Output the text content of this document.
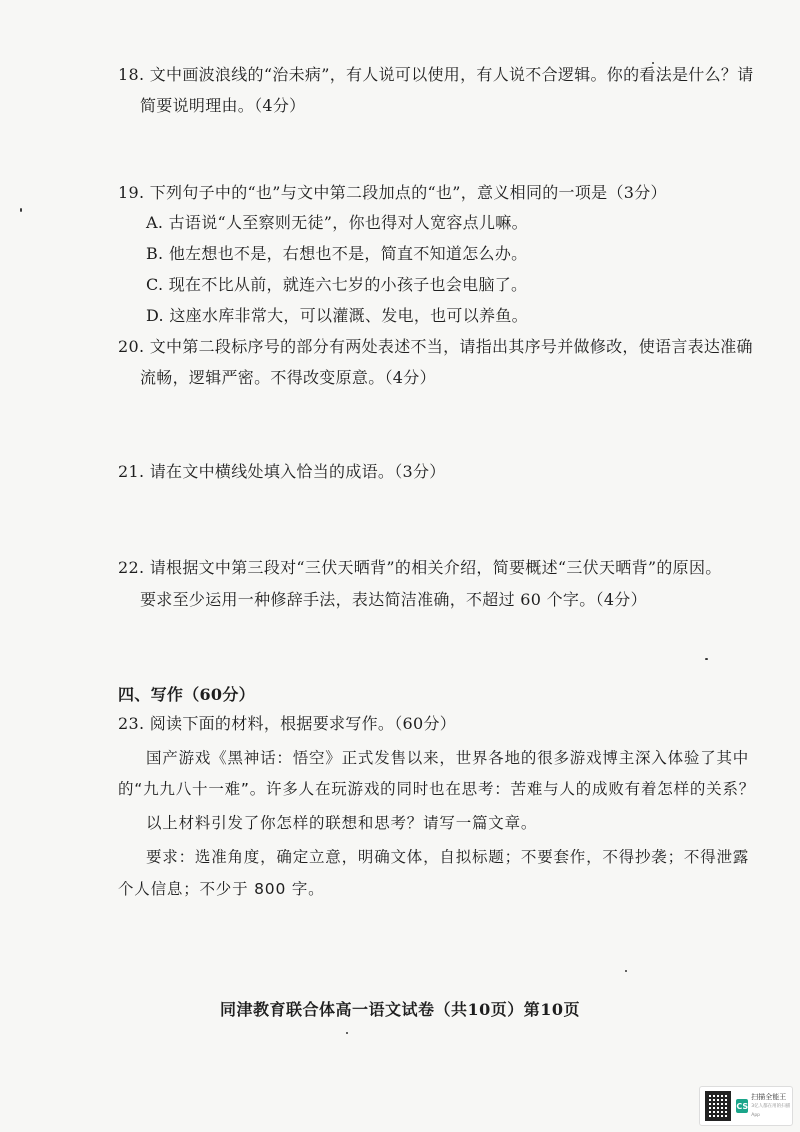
18. 文中画波浪线的“治未病”，有人说可以使用，有人说不合逻辑。你的看法是什么？请
简要说明理由。（4分）
19. 下列句子中的“也”与文中第二段加点的“也”，意义相同的一项是（3分）
A. 古语说“人至察则无徒”，你也得对人宽容点儿嘛。
B. 他左想也不是，右想也不是，简直不知道怎么办。
C. 现在不比从前，就连六七岁的小孩子也会电脑了。
D. 这座水库非常大，可以灌溉、发电，也可以养鱼。
20. 文中第二段标序号的部分有两处表述不当，请指出其序号并做修改，使语言表达准确
流畅，逻辑严密。不得改变原意。（4分）
21. 请在文中横线处填入恰当的成语。（3分）
22. 请根据文中第三段对“三伏天晒背”的相关介绍，简要概述“三伏天晒背”的原因。
要求至少运用一种修辞手法，表达简洁准确，不超过 60 个字。（4分）
四、写作（60分）
23. 阅读下面的材料，根据要求写作。（60分）
国产游戏《黑神话：悟空》正式发售以来，世界各地的很多游戏博主深入体验了其中
的“九九八十一难”。许多人在玩游戏的同时也在思考：苦难与人的成败有着怎样的关系？
以上材料引发了你怎样的联想和思考？请写一篇文章。
要求：选准角度，确定立意，明确文体，自拟标题；不要套作，不得抄袭；不得泄露
个人信息；不少于 800 字。
同津教育联合体高一语文试卷（共10页）第10页
CS
扫描全能王
3亿人都在用的扫描App
